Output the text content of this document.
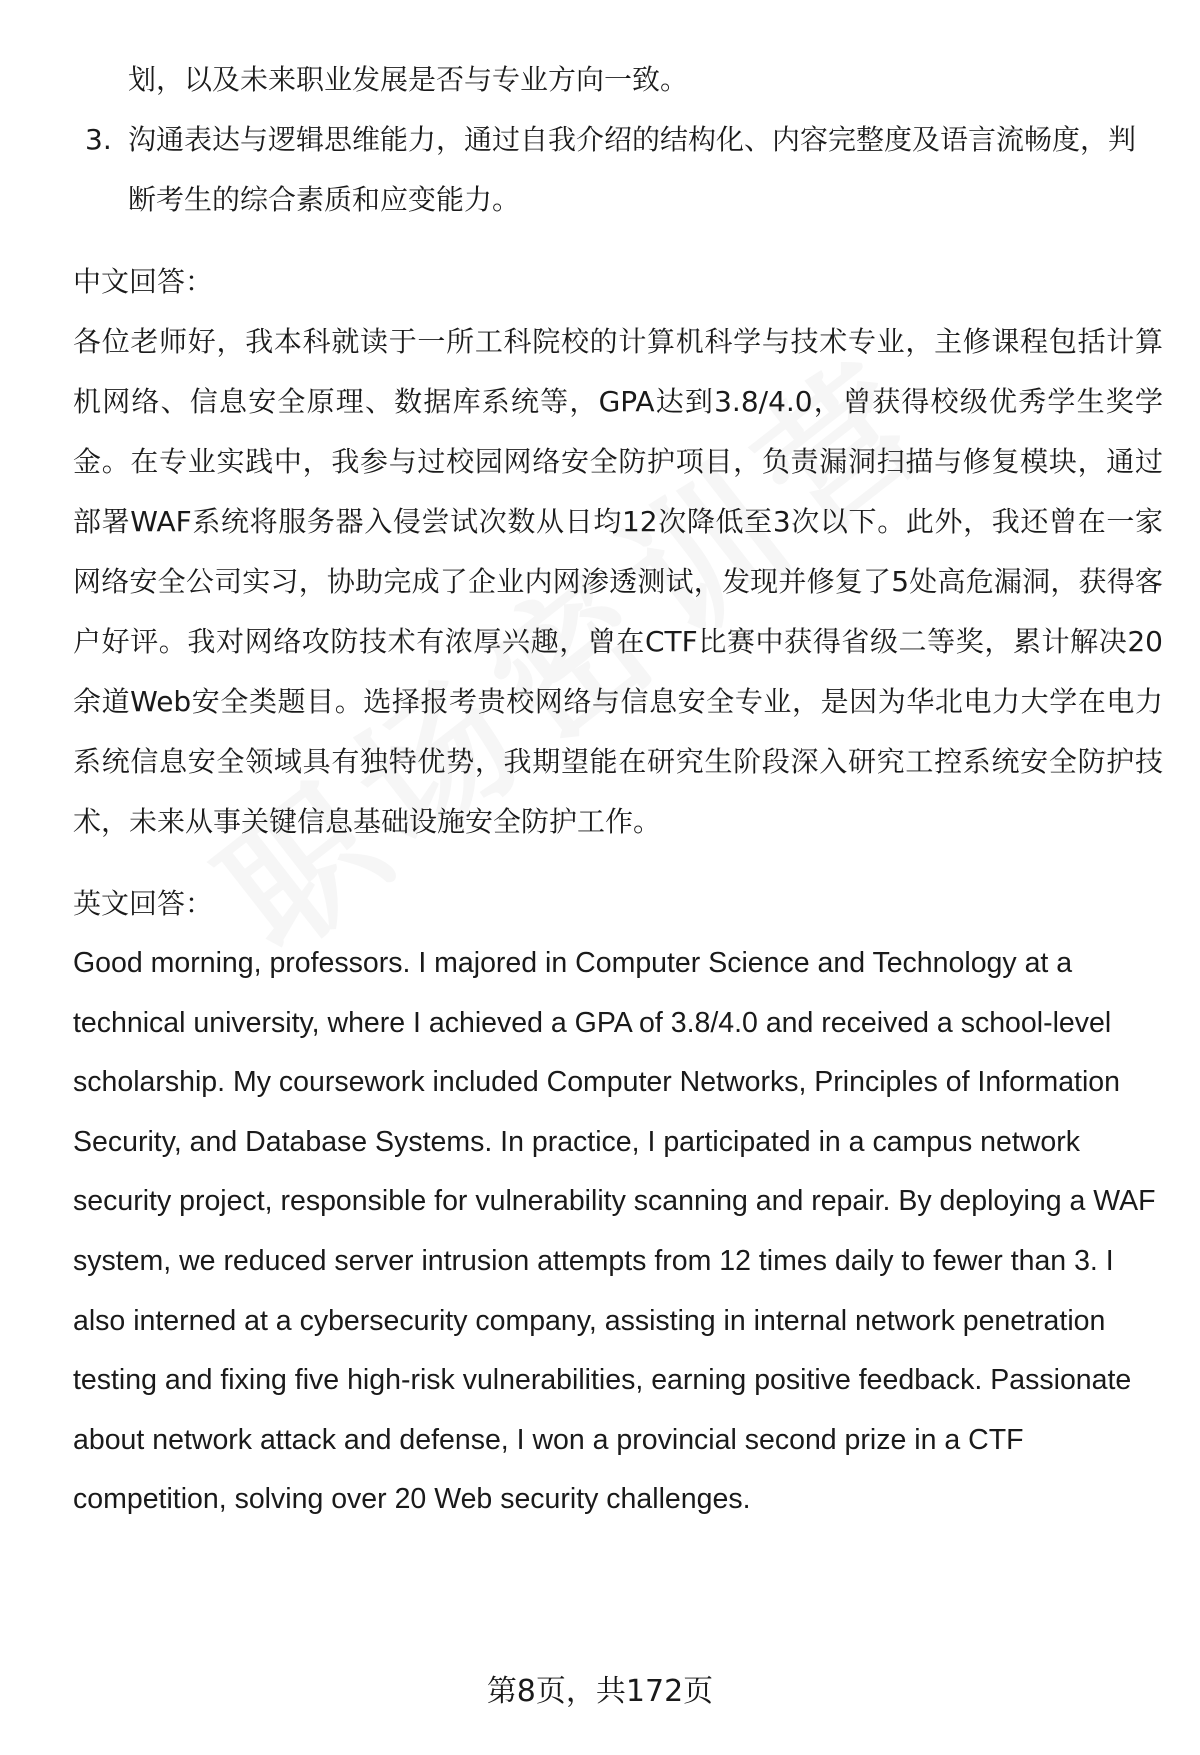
划，以及未来职业发展是否与专业方向一致。

3. 沟通表达与逻辑思维能力，通过自我介绍的结构化、内容完整度及语言流畅度，判断考生的综合素质和应变能力。

中文回答：

各位老师好，我本科就读于一所工科院校的计算机科学与技术专业，主修课程包括计算机网络、信息安全原理、数据库系统等，GPA达到3.8/4.0，曾获得校级优秀学生奖学金。在专业实践中，我参与过校园网络安全防护项目，负责漏洞扫描与修复模块，通过部署WAF系统将服务器入侵尝试次数从日均12次降低至3次以下。此外，我还曾在一家网络安全公司实习，协助完成了企业内网渗透测试，发现并修复了5处高危漏洞，获得客户好评。我对网络攻防技术有浓厚兴趣，曾在CTF比赛中获得省级二等奖，累计解决20余道Web安全类题目。选择报考贵校网络与信息安全专业，是因为华北电力大学在电力系统信息安全领域具有独特优势，我期望能在研究生阶段深入研究工控系统安全防护技术，未来从事关键信息基础设施安全防护工作。

英文回答：

Good morning, professors. I majored in Computer Science and Technology at a technical university, where I achieved a GPA of 3.8/4.0 and received a school-level scholarship. My coursework included Computer Networks, Principles of Information Security, and Database Systems. In practice, I participated in a campus network security project, responsible for vulnerability scanning and repair. By deploying a WAF system, we reduced server intrusion attempts from 12 times daily to fewer than 3. I also interned at a cybersecurity company, assisting in internal network penetration testing and fixing five high-risk vulnerabilities, earning positive feedback. Passionate about network attack and defense, I won a provincial second prize in a CTF competition, solving over 20 Web security challenges.

第8页，共172页
